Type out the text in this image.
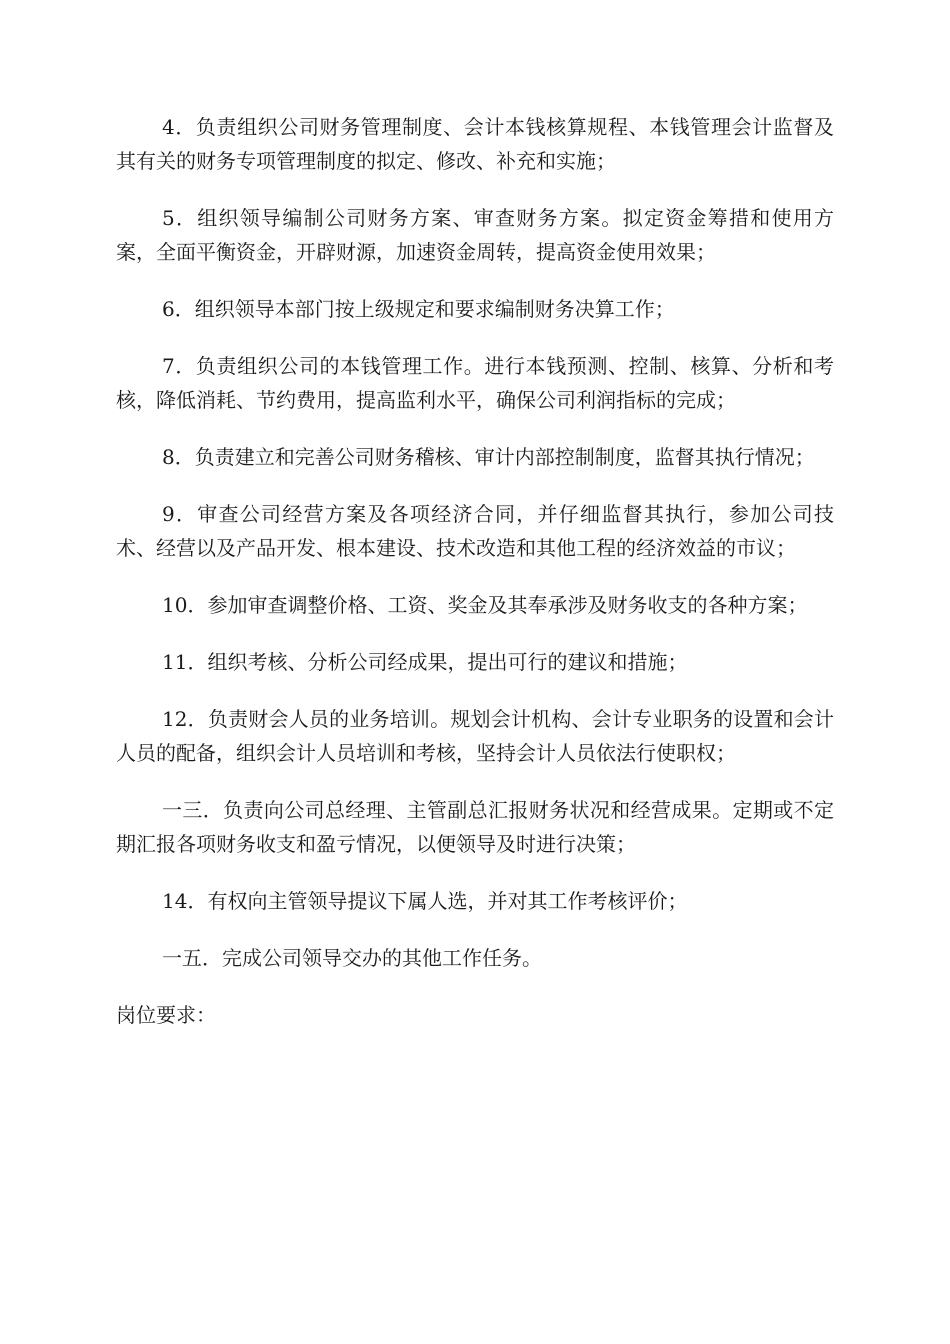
4．负责组织公司财务管理制度、会计本钱核算规程、本钱管理会计监督及其有关的财务专项管理制度的拟定、修改、补充和实施；

5．组织领导编制公司财务方案、审查财务方案。拟定资金筹措和使用方案，全面平衡资金，开辟财源，加速资金周转，提高资金使用效果；

6．组织领导本部门按上级规定和要求编制财务决算工作；

7．负责组织公司的本钱管理工作。进行本钱预测、控制、核算、分析和考核，降低消耗、节约费用，提高监利水平，确保公司利润指标的完成；

8．负责建立和完善公司财务稽核、审计内部控制制度，监督其执行情况；

9．审查公司经营方案及各项经济合同，并仔细监督其执行，参加公司技术、经营以及产品开发、根本建设、技术改造和其他工程的经济效益的市议；

10．参加审查调整价格、工资、奖金及其奉承涉及财务收支的各种方案；

11．组织考核、分析公司经成果，提出可行的建议和措施；

12．负责财会人员的业务培训。规划会计机构、会计专业职务的设置和会计人员的配备，组织会计人员培训和考核，坚持会计人员依法行使职权；

一三．负责向公司总经理、主管副总汇报财务状况和经营成果。定期或不定期汇报各项财务收支和盈亏情况，以便领导及时进行决策；

14．有权向主管领导提议下属人选，并对其工作考核评价；

一五．完成公司领导交办的其他工作任务。

岗位要求：
